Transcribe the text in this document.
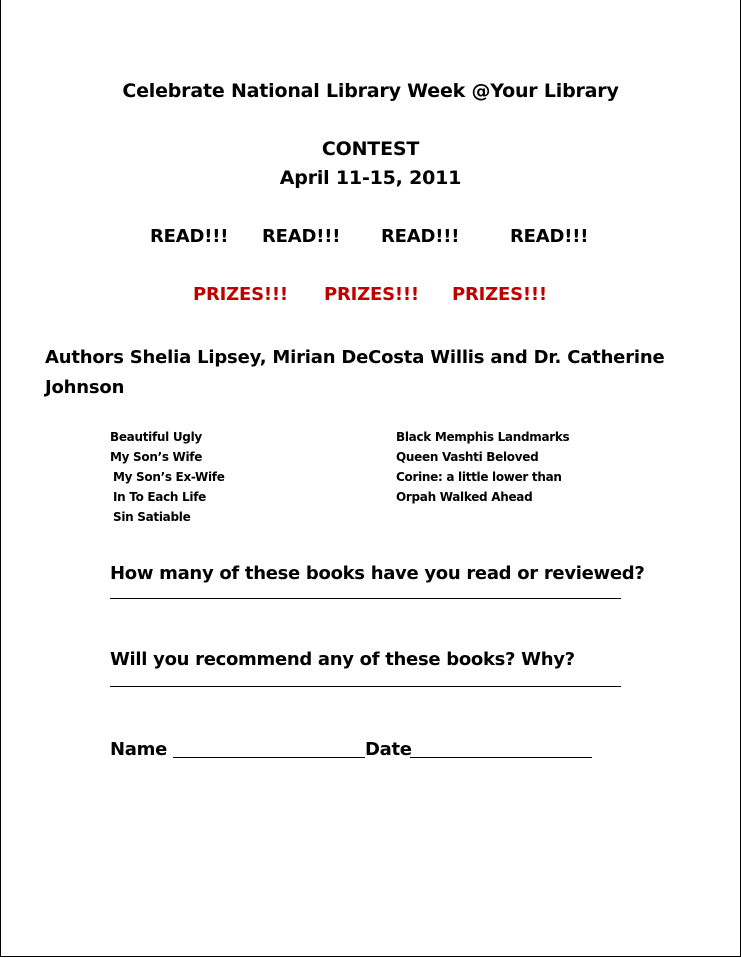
Celebrate National Library Week @Your Library
CONTEST
April 11-15, 2011
READ!!! READ!!! READ!!!	READ!!!
PRIZES!!! PRIZES!!! PRIZES!!!
Authors Shelia Lipsey, Mirian DeCosta Willis and Dr. Catherine Johnson
Beautiful Ugly
My Son’s Wife
My Son’s Ex-Wife
In To Each Life
Sin Satiable
Black Memphis Landmarks
Queen Vashti Beloved
Corine: a little lower than
Orpah Walked Ahead
How many of these books have you read or reviewed?
Will you recommend any of these books? Why?
Name	Date
